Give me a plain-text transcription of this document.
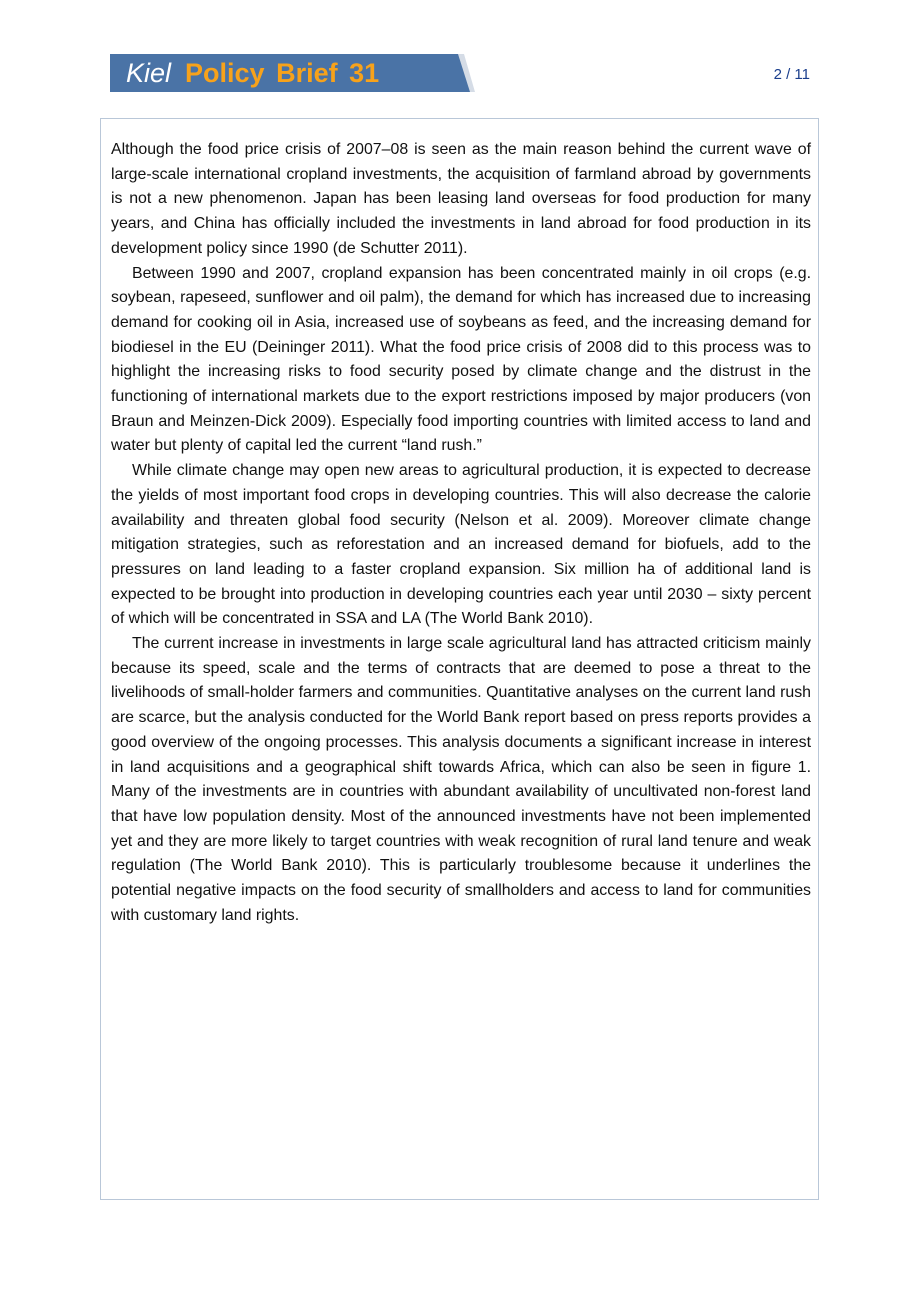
Kiel Policy Brief 31	2 / 11

Although the food price crisis of 2007–08 is seen as the main reason behind the current wave of large-scale international cropland investments, the acquisition of farmland abroad by governments is not a new phenomenon. Japan has been leasing land overseas for food production for many years, and China has officially included the investments in land abroad for food production in its development policy since 1990 (de Schutter 2011).

Between 1990 and 2007, cropland expansion has been concentrated mainly in oil crops (e.g. soybean, rapeseed, sunflower and oil palm), the demand for which has increased due to increasing demand for cooking oil in Asia, increased use of soybeans as feed, and the increasing demand for biodiesel in the EU (Deininger 2011). What the food price crisis of 2008 did to this process was to highlight the increasing risks to food security posed by climate change and the distrust in the functioning of international markets due to the export restrictions imposed by major producers (von Braun and Meinzen-Dick 2009). Especially food importing countries with limited access to land and water but plenty of capital led the current “land rush.”

While climate change may open new areas to agricultural production, it is expected to decrease the yields of most important food crops in developing countries. This will also decrease the calorie availability and threaten global food security (Nelson et al. 2009). Moreover climate change mitigation strategies, such as reforestation and an increased demand for biofuels, add to the pressures on land leading to a faster cropland expansion. Six million ha of additional land is expected to be brought into production in developing countries each year until 2030 – sixty percent of which will be concentrated in SSA and LA (The World Bank 2010).

The current increase in investments in large scale agricultural land has attracted criticism mainly because its speed, scale and the terms of contracts that are deemed to pose a threat to the livelihoods of small-holder farmers and communities. Quantitative analyses on the current land rush are scarce, but the analysis conducted for the World Bank report based on press reports provides a good overview of the ongoing processes. This analysis documents a significant increase in interest in land acquisitions and a geographical shift towards Africa, which can also be seen in figure 1. Many of the investments are in countries with abundant availability of uncultivated non-forest land that have low population density. Most of the announced investments have not been implemented yet and they are more likely to target countries with weak recognition of rural land tenure and weak regulation (The World Bank 2010). This is particularly troublesome because it underlines the potential negative impacts on the food security of smallholders and access to land for communities with customary land rights.
